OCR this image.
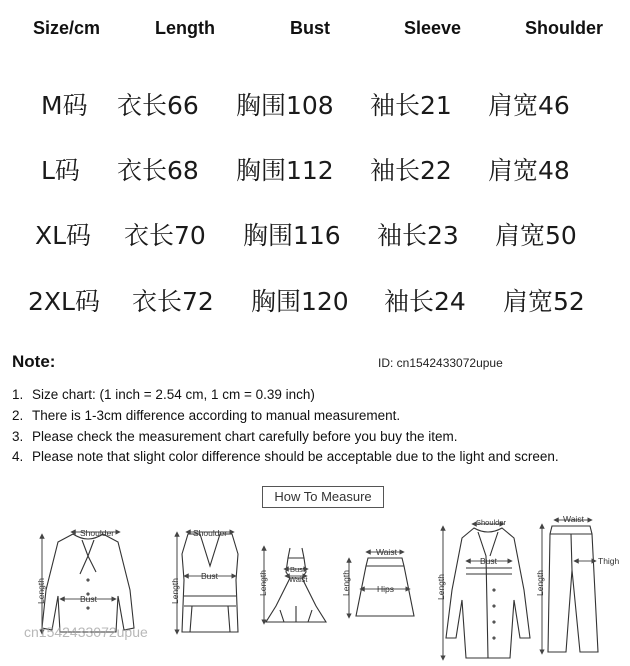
Size/cm	Length	Bust	Sleeve	Shoulder
M码 衣长66 胸围108 袖长21 肩宽46
L码 衣长68 胸围112 袖长22 肩宽48
XL码 衣长70 胸围116 袖长23 肩宽50
2XL码 衣长72 胸围120 袖长24 肩宽52
Note:	ID: cn1542433072upue
1. Size chart: (1 inch = 2.54 cm, 1 cm = 0.39 inch)
2. There is 1-3cm difference according to manual measurement.
3. Please check the measurement chart carefully before you buy the item.
4. Please note that slight color difference should be acceptable due to the light and screen.
How To Measure
Shoulder
Length	Bust
Shoulder
Length
Bust	Length
Bust
Waist
Waist
Length	Hips
Shoulder
Length
Bust
Waist
Length
Thigh
cn1542433072upue
